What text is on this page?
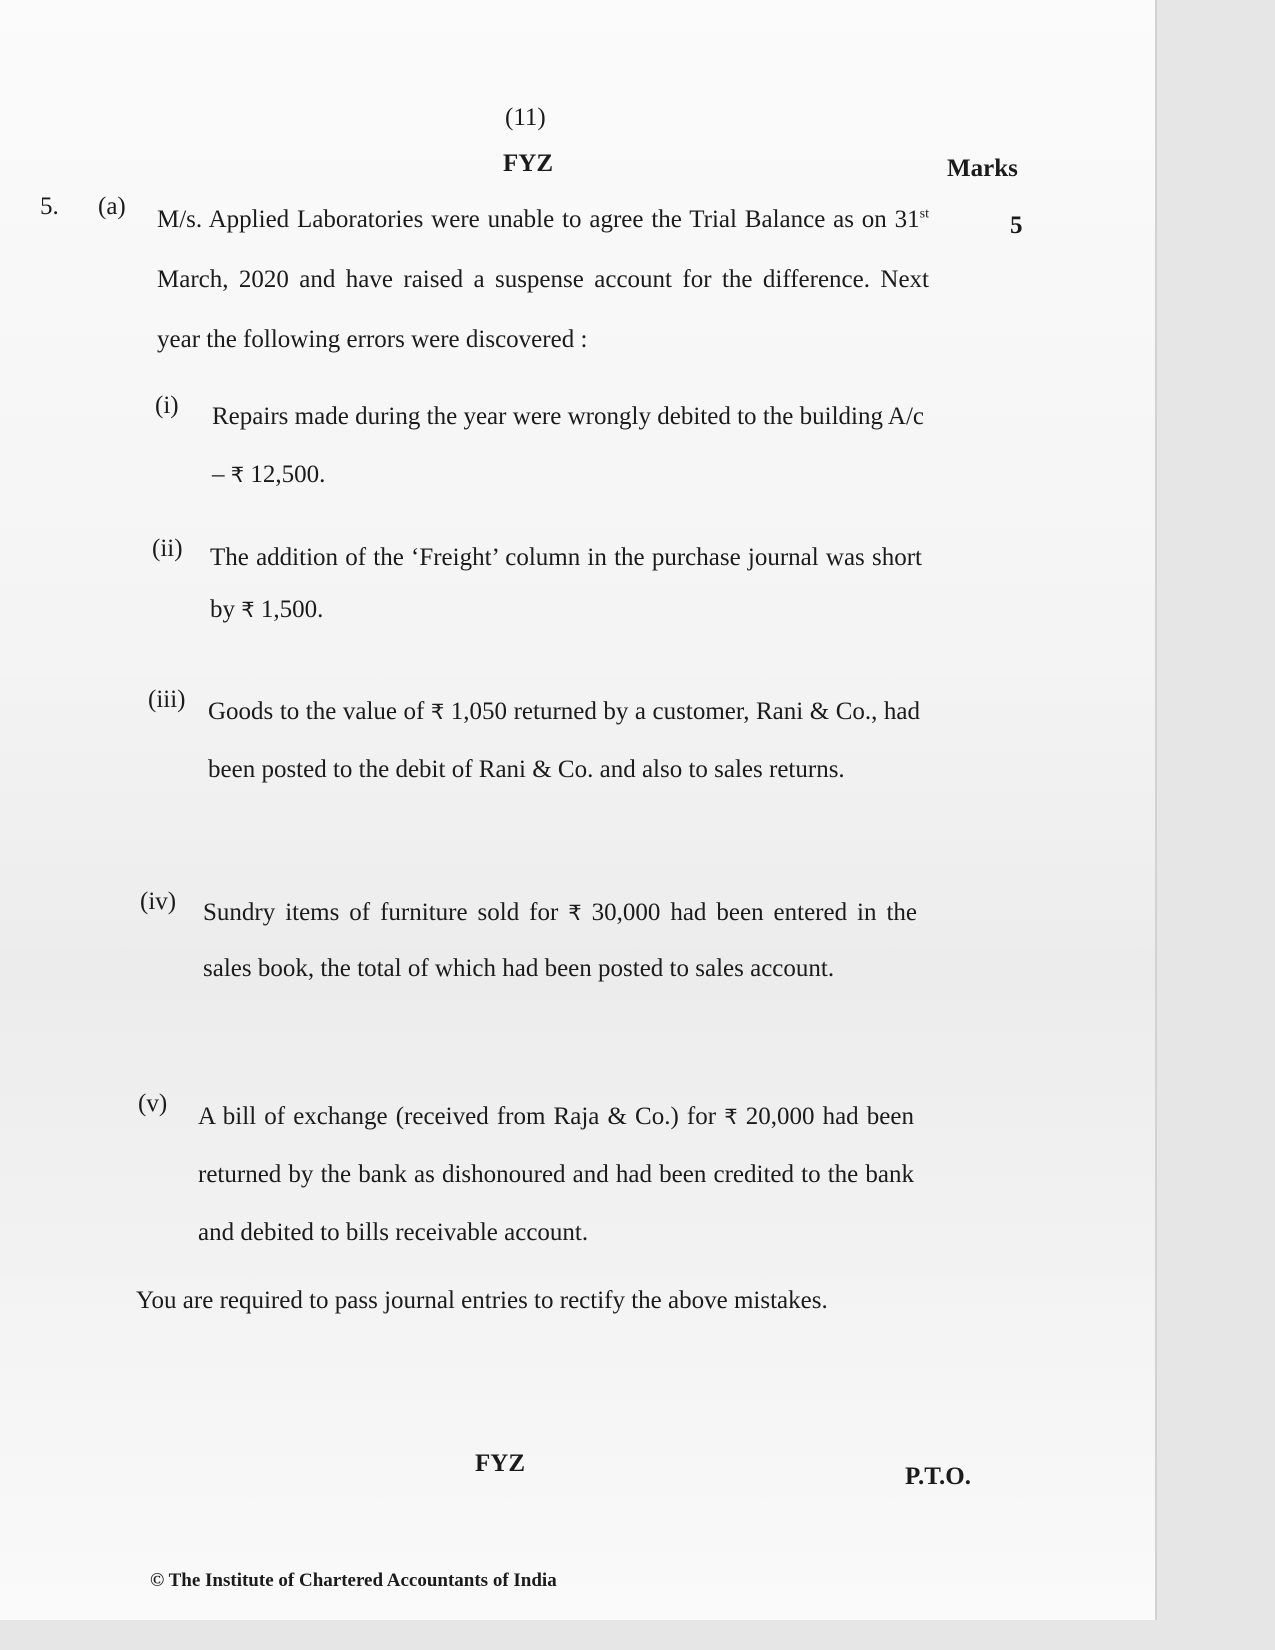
(11)
FYZ	Marks
5. (a)
5

M/s. Applied Laboratories were unable to agree the Trial Balance as on 31st March, 2020 and have raised a suspense account for the difference. Next year the following errors were discovered :

(i) Repairs made during the year were wrongly debited to the building A/c – ₹ 12,500.

(ii) The addition of the ‘Freight’ column in the purchase journal was short by ₹ 1,500.

(iii) Goods to the value of ₹ 1,050 returned by a customer, Rani & Co., had been posted to the debit of Rani & Co. and also to sales returns.

(iv) Sundry items of furniture sold for ₹ 30,000 had been entered in the sales book, the total of which had been posted to sales account.

(v) A bill of exchange (received from Raja & Co.) for ₹ 20,000 had been returned by the bank as dishonoured and had been credited to the bank and debited to bills receivable account.

You are required to pass journal entries to rectify the above mistakes.
FYZ	P.T.O.
© The Institute of Chartered Accountants of India
